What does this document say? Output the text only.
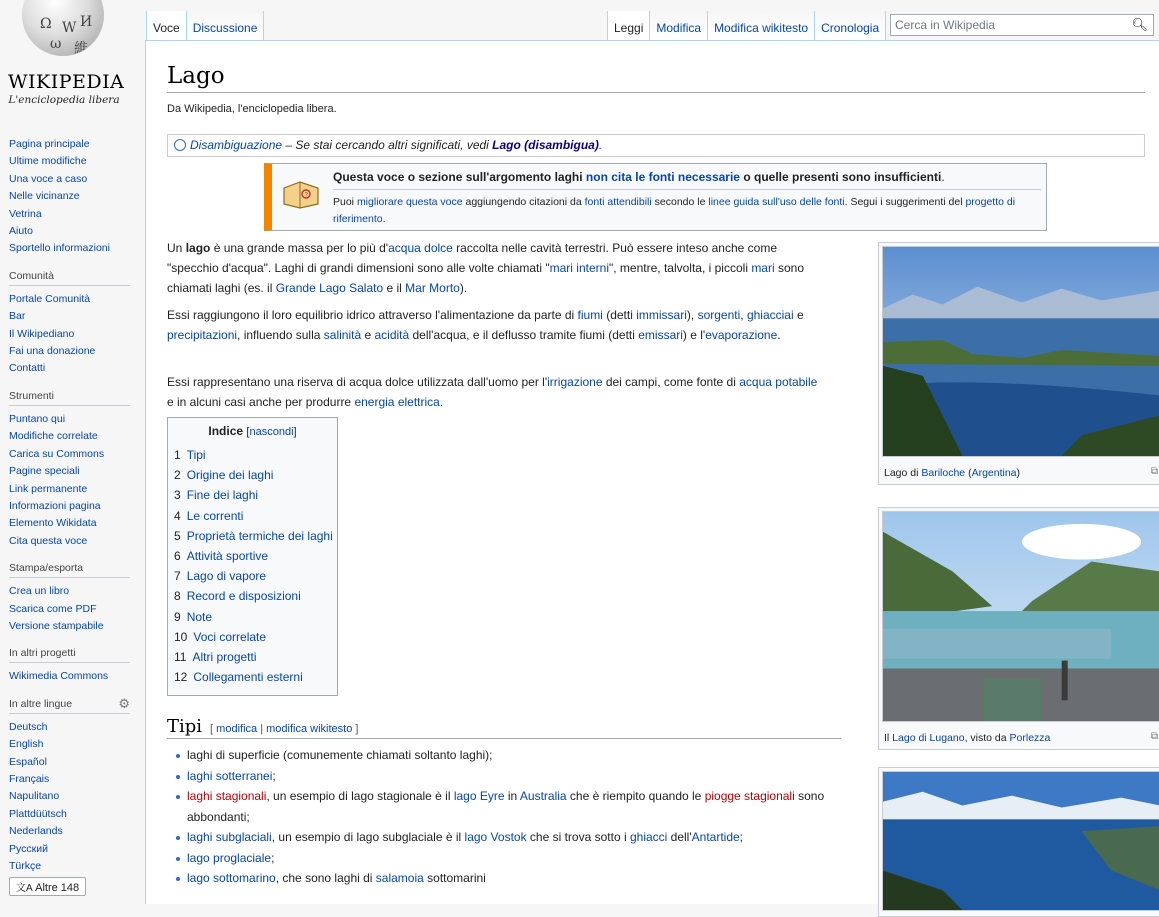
Ω W И
ω 維
WIKIPEDIA
L'enciclopedia libera
Pagina principale
Ultime modifiche
Una voce a caso
Nelle vicinanze
Vetrina
Aiuto
Sportello informazioni
Comunità
Portale Comunità
Bar
Il Wikipediano
Fai una donazione
Contatti
Strumenti
Puntano qui
Modifiche correlate
Carica su Commons
Pagine speciali
Link permanente
Informazioni pagina
Elemento Wikidata
Cita questa voce
Stampa/esporta
Crea un libro
Scarica come PDF
Versione stampabile
In altri progetti
Wikimedia Commons
In altre lingue	⚙
Deutsch
English
Español
Français
Napulitano
Plattdüütsch
Nederlands
Русский
Türkçe
文A Altre 148
Voce	Discussione	Leggi	Modifica	Modifica wikitesto	Cronologia	Cerca in Wikipedia	🔍︎
Lago
Da Wikipedia, l'enciclopedia libera.
Disambiguazione – Se stai cercando altri significati, vedi Lago (disambigua).
?
Questa voce o sezione sull'argomento laghi non cita le fonti necessarie o quelle presenti sono insufficienti.
Puoi migliorare questa voce aggiungendo citazioni da fonti attendibili secondo le linee guida sull'uso delle fonti. Segui i suggerimenti del progetto di riferimento.
Un lago è una grande massa per lo più d'acqua dolce raccolta nelle cavità terrestri. Può essere inteso anche come "specchio d'acqua". Laghi di grandi dimensioni sono alle volte chiamati "mari interni", mentre, talvolta, i piccoli mari sono chiamati laghi (es. il Grande Lago Salato e il Mar Morto).
Essi raggiungono il loro equilibrio idrico attraverso l'alimentazione da parte di fiumi (detti immissari), sorgenti, ghiacciai e precipitazioni, influendo sulla salinità e acidità dell'acqua, e il deflusso tramite fiumi (detti emissari) e l'evaporazione.
Essi rappresentano una riserva di acqua dolce utilizzata dall'uomo per l'irrigazione dei campi, come fonte di acqua potabile e in alcuni casi anche per produrre energia elettrica.
Indice [nascondi]
1 Tipi
2 Origine dei laghi
3 Fine dei laghi
4 Le correnti
5 Proprietà termiche dei laghi
6 Attività sportive
7 Lago di vapore
8 Record e disposizioni
9 Note
10 Voci correlate
11 Altri progetti
12 Collegamenti esterni
Tipi [ modifica | modifica wikitesto ]
laghi di superficie (comunemente chiamati soltanto laghi);
laghi sotterranei;
laghi stagionali, un esempio di lago stagionale è il lago Eyre in Australia che è riempito quando le piogge stagionali sono abbondanti;
laghi subglaciali, un esempio di lago subglaciale è il lago Vostok che si trova sotto i ghiacci dell'Antartide;
lago proglaciale;
lago sottomarino, che sono laghi di salamoia sottomarini
Lago di Bariloche (Argentina)	⧉
Il Lago di Lugano, visto da Porlezza	⧉
